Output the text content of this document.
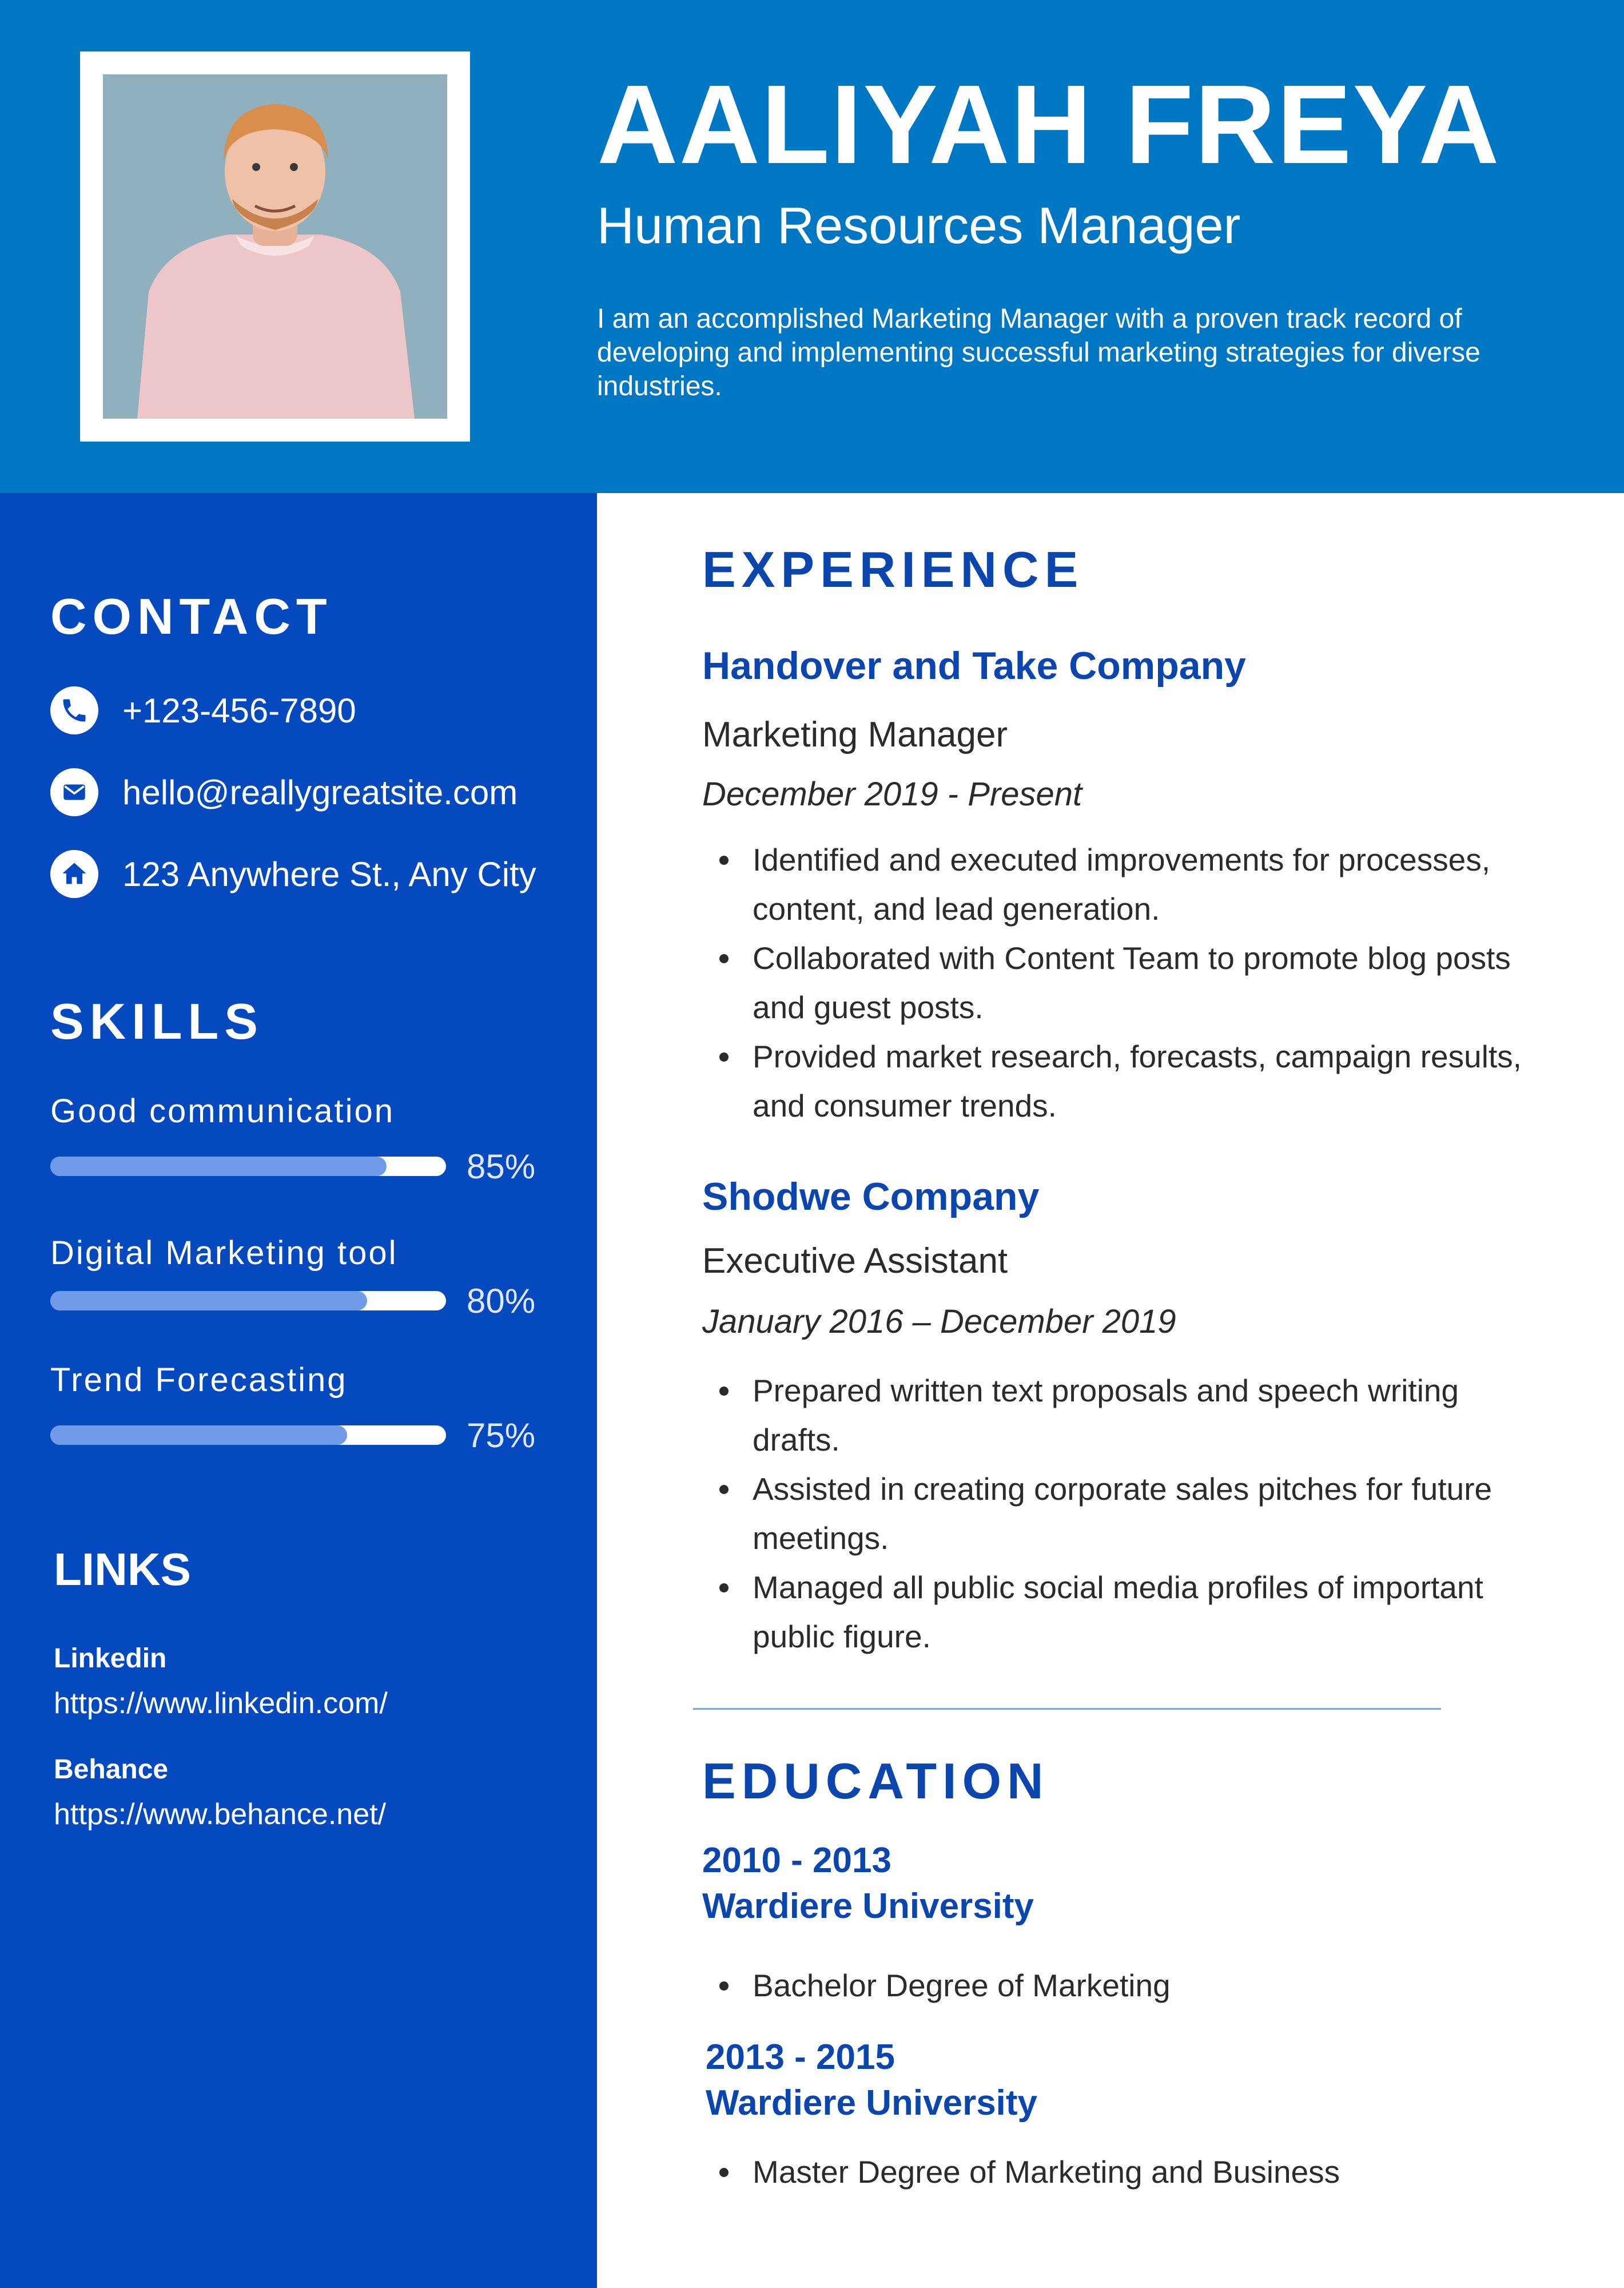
AALIYAH FREYA
Human Resources Manager
I am an accomplished Marketing Manager with a proven track record of developing and implementing successful marketing strategies for diverse industries.
CONTACT
+123-456-7890
hello@reallygreatsite.com
123 Anywhere St., Any City
SKILLS
Good communication
85%
Digital Marketing tool
80%
Trend Forecasting
75%
LINKS
Linkedin
https://www.linkedin.com/
Behance
https://www.behance.net/
EXPERIENCE
Handover and Take Company
Marketing Manager
December 2019 - Present
Identified and executed improvements for processes, content, and lead generation.
Collaborated with Content Team to promote blog posts and guest posts.
Provided market research, forecasts, campaign results, and consumer trends.
Shodwe Company
Executive Assistant
January 2016 – December 2019
Prepared written text proposals and speech writing drafts.
Assisted in creating corporate sales pitches for future meetings.
Managed all public social media profiles of important public figure.
EDUCATION
2010 - 2013
Wardiere University
Bachelor Degree of Marketing
2013 - 2015
Wardiere University
Master Degree of Marketing and Business
